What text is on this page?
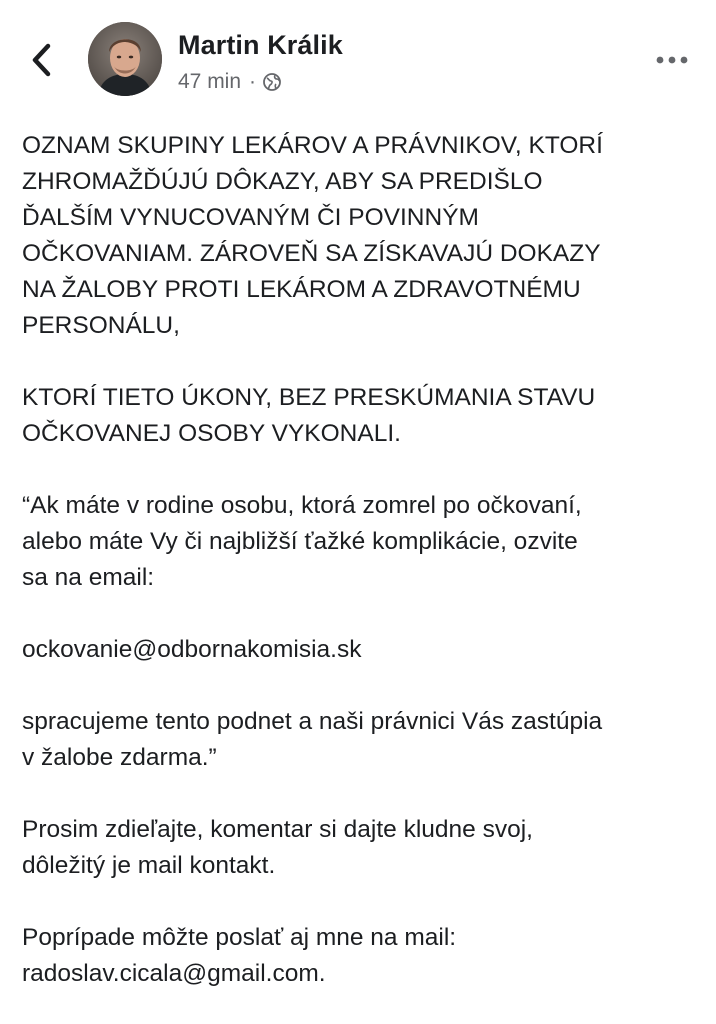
Martin Králik
47 min ·

OZNAM SKUPINY LEKÁROV A PRÁVNIKOV, KTORÍ
ZHROMAŽĎÚJÚ DÔKAZY, ABY SA PREDIŠLO
ĎALŠÍM VYNUCOVANÝM ČI POVINNÝM
OČKOVANIAM. ZÁROVEŇ SA ZÍSKAVAJÚ DOKAZY
NA ŽALOBY PROTI LEKÁROM A ZDRAVOTNÉMU
PERSONÁLU,

KTORÍ TIETO ÚKONY, BEZ PRESKÚMANIA STAVU
OČKOVANEJ OSOBY VYKONALI.

“Ak máte v rodine osobu, ktorá zomrel po očkovaní,
alebo máte Vy či najbližší ťažké komplikácie, ozvite
sa na email:

ockovanie@odbornakomisia.sk

spracujeme tento podnet a naši právnici Vás zastúpia
v žalobe zdarma.”

Prosim zdieľajte, komentar si dajte kludne svoj,
dôležitý je mail kontakt.

Poprípade môžte poslať aj mne na mail:
radoslav.cicala@gmail.com.
